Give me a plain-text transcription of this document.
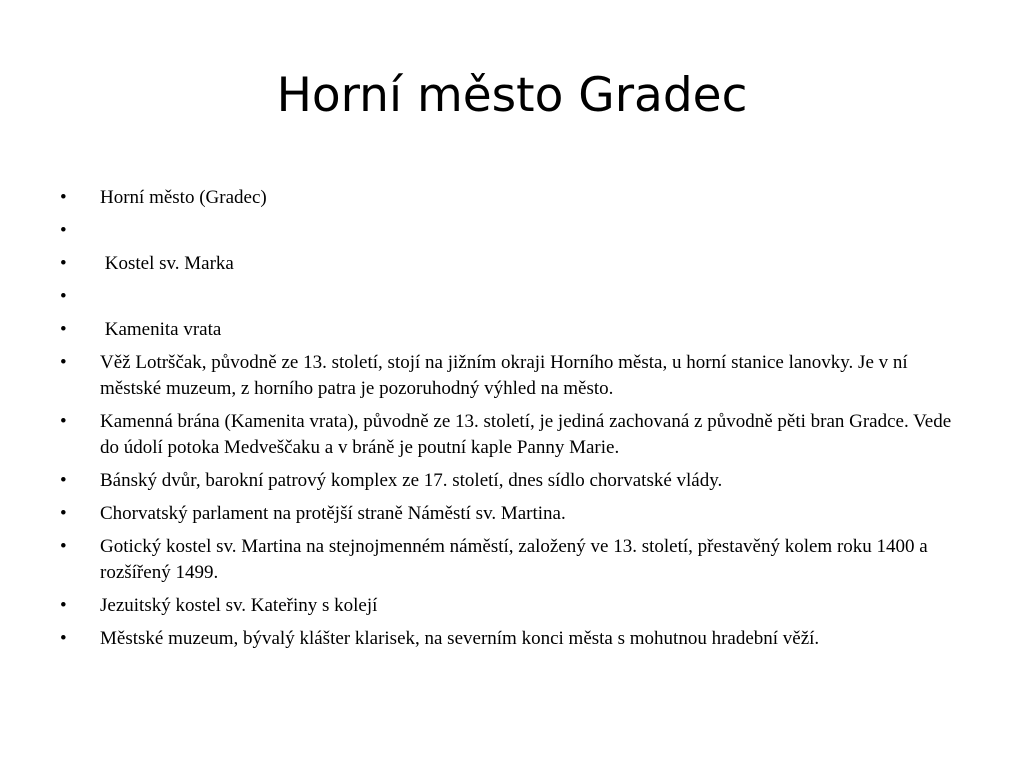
Horní město Gradec
•	Horní město (Gradec)
•
•	Kostel sv. Marka
•
•	Kamenita vrata
•	Věž Lotrščak, původně ze 13. století, stojí na jižním okraji Horního města, u horní stanice lanovky. Je v ní městské muzeum, z horního patra je pozoruhodný výhled na město.
•	Kamenná brána (Kamenita vrata), původně ze 13. století, je jediná zachovaná z původně pěti bran Gradce. Vede do údolí potoka Medveščaku a v bráně je poutní kaple Panny Marie.
•	Bánský dvůr, barokní patrový komplex ze 17. století, dnes sídlo chorvatské vlády.
•	Chorvatský parlament na protější straně Náměstí sv. Martina.
•	Gotický kostel sv. Martina na stejnojmenném náměstí, založený ve 13. století, přestavěný kolem roku 1400 a rozšířený 1499.
•	Jezuitský kostel sv. Kateřiny s kolejí
•	Městské muzeum, bývalý klášter klarisek, na severním konci města s mohutnou hradební věží.
